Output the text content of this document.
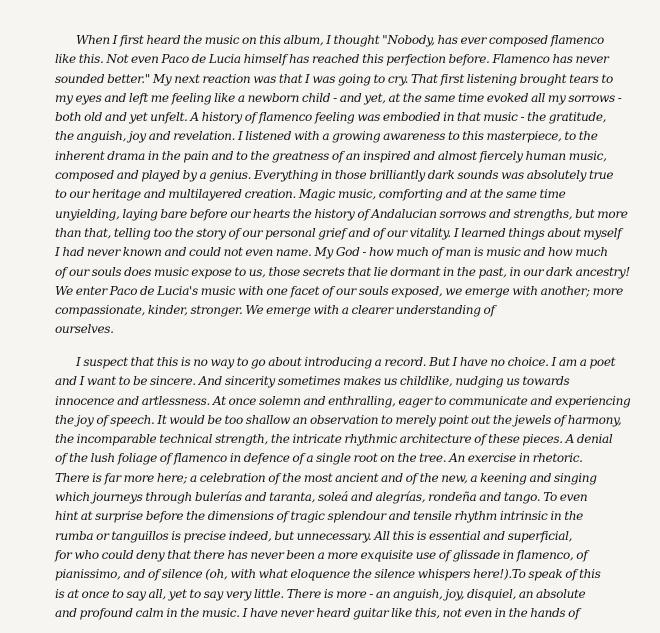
When I first heard the music on this album, I thought "Nobody, has ever composed flamenco
like this. Not even Paco de Lucia himself has reached this perfection before. Flamenco has never
sounded better." My next reaction was that I was going to cry. That first listening brought tears to
my eyes and left me feeling like a newborn child - and yet, at the same time evoked all my sorrows -
both old and yet unfelt. A history of flamenco feeling was embodied in that music - the gratitude,
the anguish, joy and revelation. I listened with a growing awareness to this masterpiece, to the
inherent drama in the pain and to the greatness of an inspired and almost fiercely human music,
composed and played by a genius. Everything in those brilliantly dark sounds was absolutely true
to our heritage and multilayered creation. Magic music, comforting and at the same time
unyielding, laying bare before our hearts the history of Andalucian sorrows and strengths, but more
than that, telling too the story of our personal grief and of our vitality. I learned things about myself
I had never known and could not even name. My God - how much of man is music and how much
of our souls does music expose to us, those secrets that lie dormant in the past, in our dark ancestry!
We enter Paco de Lucia's music with one facet of our souls exposed, we emerge with another; more
compassionate, kinder, stronger. We emerge with a clearer understanding of
ourselves.
I suspect that this is no way to go about introducing a record. But I have no choice. I am a poet
and I want to be sincere. And sincerity sometimes makes us childlike, nudging us towards
innocence and artlessness. At once solemn and enthralling, eager to communicate and experiencing
the joy of speech. It would be too shallow an observation to merely point out the jewels of harmony,
the incomparable technical strength, the intricate rhythmic architecture of these pieces. A denial
of the lush foliage of flamenco in defence of a single root on the tree. An exercise in rhetoric.
There is far more here; a celebration of the most ancient and of the new, a keening and singing
which journeys through bulerías and taranta, soleá and alegrías, rondeña and tango. To even
hint at surprise before the dimensions of tragic splendour and tensile rhythm intrinsic in the
rumba or tanguillos is precise indeed, but unnecessary. All this is essential and superficial,
for who could deny that there has never been a more exquisite use of glissade in flamenco, of
pianissimo, and of silence (oh, with what eloquence the silence whispers here!).To speak of this
is at once to say all, yet to say very little. There is more - an anguish, joy, disquiel, an absolute
and profound calm in the music. I have never heard guitar like this, not even in the hands of
